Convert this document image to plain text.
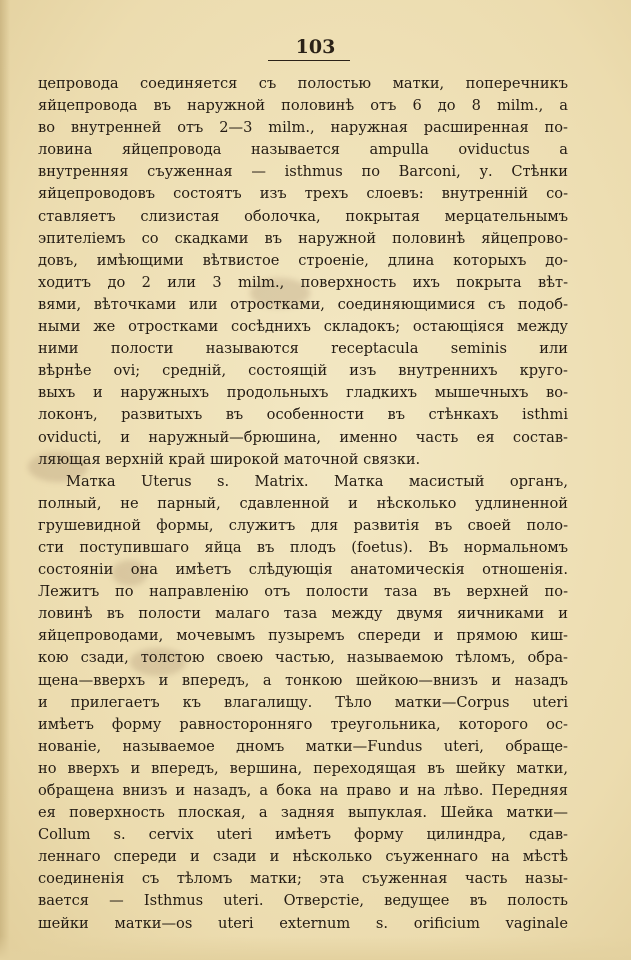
103
цепровода соединяется съ полостью матки, поперечникъ
яйцепровода въ наружной половинѣ отъ 6 до 8 milm., а
во внутренней отъ 2—3 milm., наружная расширенная по-
ловина яйцепровода называется ampulla oviductus а
внутренняя съуженная — isthmus по Barconi, у. Стѣнки
яйцепроводовъ состоятъ изъ трехъ слоевъ: внутренній со-
ставляетъ слизистая оболочка, покрытая мерцательнымъ
эпителіемъ со скадками въ наружной половинѣ яйцепрово-
довъ, имѣющими вѣтвистое строеніе, длина которыхъ до-
ходитъ до 2 или 3 milm., поверхность ихъ покрыта вѣт-
вями, вѣточками или отростками, соединяющимися съ подоб-
ными же отростками сосѣднихъ складокъ; остающіяся между
ними полости называются receptacula seminis или
вѣрнѣе ovi; средній, состоящій изъ внутреннихъ круго-
выхъ и наружныхъ продольныхъ гладкихъ мышечныхъ во-
локонъ, развитыхъ въ особенности въ стѣнкахъ isthmi
oviducti, и наружный—брюшина, именно часть ея состав-
ляющая верхній край широкой маточной связки.
Матка Uterus s. Matrix. Матка масистый органъ,
полный, не парный, сдавленной и нѣсколько удлиненной
грушевидной формы, служитъ для развитія въ своей поло-
сти поступившаго яйца въ плодъ (foetus). Въ нормальномъ
состояніи она имѣетъ слѣдующія анатомическія отношенія.
Лежитъ по направленію отъ полости таза въ верхней по-
ловинѣ въ полости малаго таза между двумя яичниками и
яйцепроводами, мочевымъ пузыремъ спереди и прямою киш-
кою сзади, толстою своею частью, называемою тѣломъ, обра-
щена—вверхъ и впередъ, а тонкою шейкою—внизъ и назадъ
и прилегаетъ къ влагалищу. Тѣло матки—Corpus uteri
имѣетъ форму равносторонняго треугольника, которого ос-
нованіе, называемое дномъ матки—Fundus uteri, обраще-
но вверхъ и впередъ, вершина, переходящая въ шейку матки,
обращена внизъ и назадъ, а бока на право и на лѣво. Передняя
ея поверхность плоская, а задняя выпуклая. Шейка матки—
Collum s. cervix uteri имѣетъ форму цилиндра, сдав-
леннаго спереди и сзади и нѣсколько съуженнаго на мѣстѣ
соединенія съ тѣломъ матки; эта съуженная часть назы-
вается — Isthmus uteri. Отверстіе, ведущее въ полость
шейки матки—os uteri externum s. orificium vaginale
